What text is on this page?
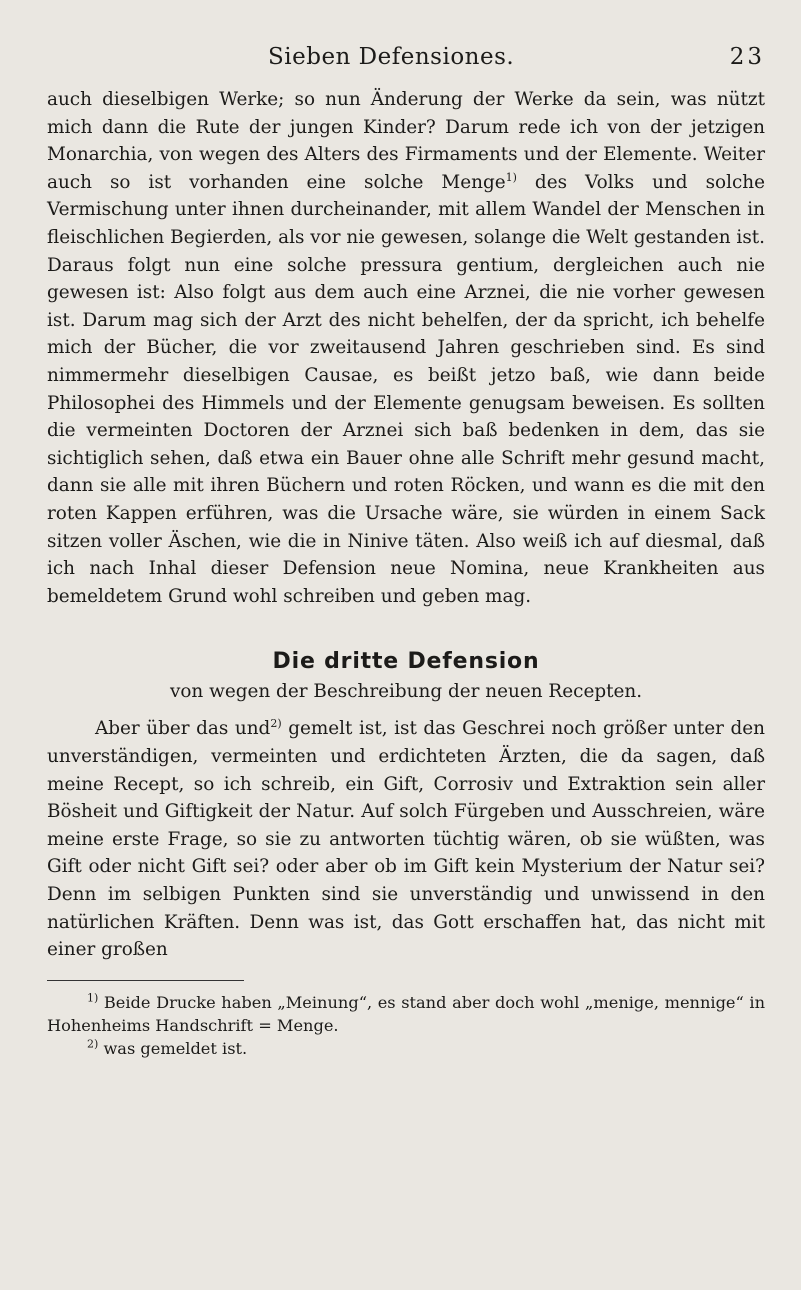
Sieben Defensiones.	23

auch dieselbigen Werke; so nun Änderung der Werke da sein, was nützt mich dann die Rute der jungen Kinder? Darum rede ich von der jetzigen Monarchia, von wegen des Alters des Firmaments und der Elemente. Weiter auch so ist vorhanden eine solche Menge$^{1)}$ des Volks und solche Vermischung unter ihnen durcheinander, mit allem Wandel der Menschen in fleischlichen Begierden, als vor nie gewesen, solange die Welt gestanden ist. Daraus folgt nun eine solche pressura gentium, dergleichen auch nie gewesen ist: Also folgt aus dem auch eine Arznei, die nie vorher gewesen ist. Darum mag sich der Arzt des nicht behelfen, der da spricht, ich behelfe mich der Bücher, die vor zweitausend Jahren geschrieben sind. Es sind nimmermehr dieselbigen Causae, es beißt jetzo baß, wie dann beide Philosophei des Himmels und der Elemente genugsam beweisen. Es sollten die vermeinten Doctoren der Arznei sich baß bedenken in dem, das sie sichtiglich sehen, daß etwa ein Bauer ohne alle Schrift mehr gesund macht, dann sie alle mit ihren Büchern und roten Röcken, und wann es die mit den roten Kappen erführen, was die Ursache wäre, sie würden in einem Sack sitzen voller Äschen, wie die in Ninive täten. Also weiß ich auf diesmal, daß ich nach Inhal dieser Defension neue Nomina, neue Krankheiten aus bemeldetem Grund wohl schreiben und geben mag.

Die dritte Defension

von wegen der Beschreibung der neuen Recepten.

Aber über das und$^{2)}$ gemelt ist, ist das Geschrei noch größer unter den unverständigen, vermeinten und erdichteten Ärzten, die da sagen, daß meine Recept, so ich schreib, ein Gift, Corrosiv und Extraktion sein aller Bösheit und Giftigkeit der Natur. Auf solch Fürgeben und Ausschreien, wäre meine erste Frage, so sie zu antworten tüchtig wären, ob sie wüßten, was Gift oder nicht Gift sei? oder aber ob im Gift kein Mysterium der Natur sei? Denn im selbigen Punkten sind sie unverständig und unwissend in den natürlichen Kräften. Denn was ist, das Gott erschaffen hat, das nicht mit einer großen

$^{1)}$ Beide Drucke haben „Meinung“, es stand aber doch wohl „menige, mennige“ in Hohenheims Handschrift = Menge.

$^{2)}$ was gemeldet ist.
